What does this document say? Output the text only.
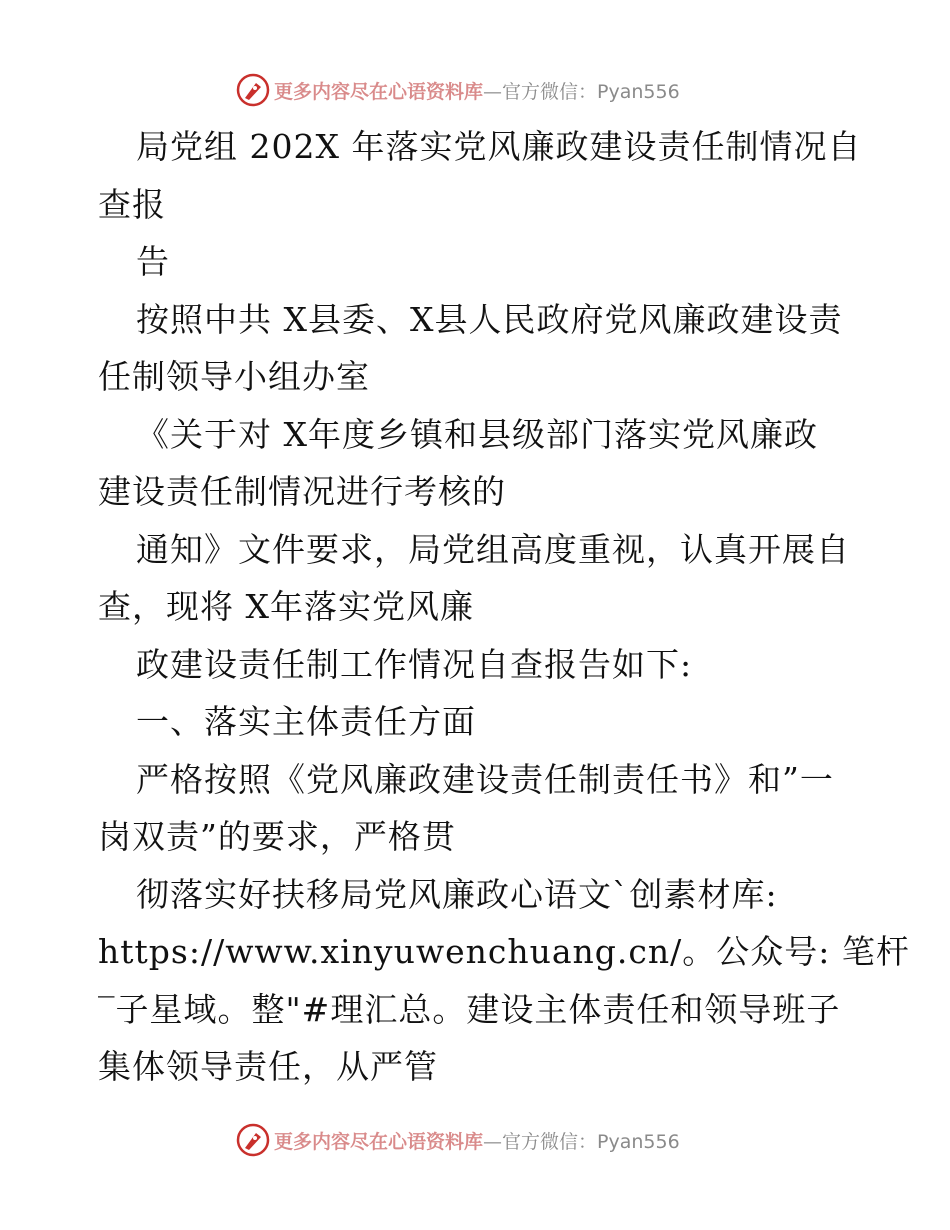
更多内容尽在心语资料库—官方微信：Pyan556
局党组 202X 年落实党风廉政建设责任制情况自
查报
告
按照中共 X县委、X县人民政府党风廉政建设责
任制领导小组办室
《关于对 X年度乡镇和县级部门落实党风廉政
建设责任制情况进行考核的
通知》文件要求，局党组高度重视，认真开展自
查，现将 X年落实党风廉
政建设责任制工作情况自查报告如下:
一、落实主体责任方面
严格按照《党风廉政建设责任制责任书》和”一
岗双责”的要求，严格贯
彻落实好扶移局党风廉政心语文`创素材库:
https://www.xinyuwenchuang.cn/。公众号: 笔杆
‾子星域。整"#理汇总。建设主体责任和领导班子
集体领导责任，从严管
更多内容尽在心语资料库—官方微信：Pyan556
